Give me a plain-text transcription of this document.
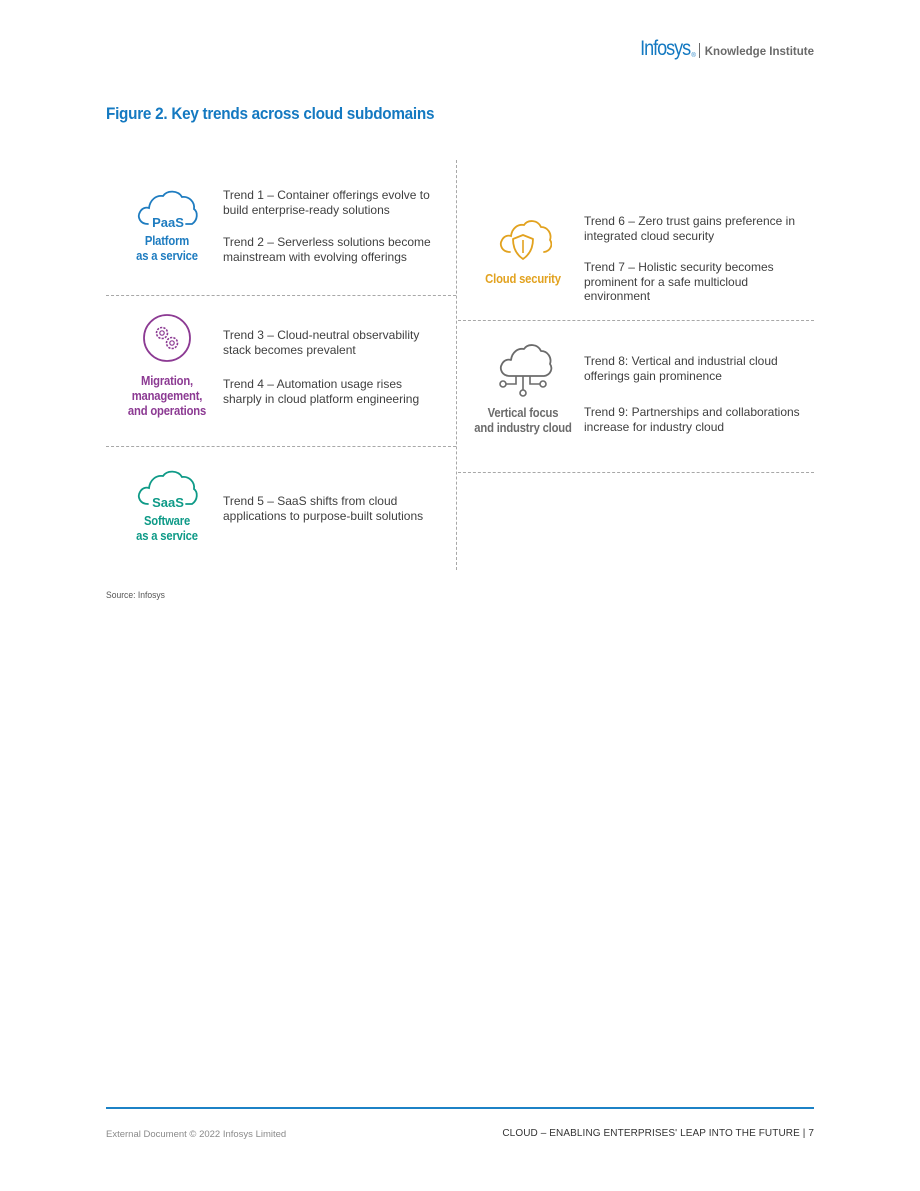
Infosys ® Knowledge Institute
Figure 2. Key trends across cloud subdomains
PaaS
Platform
as a service
Trend 1 – Container offerings evolve to build enterprise-ready solutions
Trend 2 – Serverless solutions become mainstream with evolving offerings
Migration,
management,
and operations
Trend 3 – Cloud-neutral observability stack becomes prevalent
Trend 4 – Automation usage rises sharply in cloud platform engineering
SaaS
Software
as a service
Trend 5 – SaaS shifts from cloud applications to purpose-built solutions
Cloud security
Trend 6 – Zero trust gains preference in integrated cloud security
Trend 7 – Holistic security becomes prominent for a safe multicloud environment
Vertical focus
and industry cloud
Trend 8: Vertical and industrial cloud offerings gain prominence
Trend 9: Partnerships and collaborations increase for industry cloud
Source: Infosys
External Document © 2022 Infosys Limited	CLOUD – ENABLING ENTERPRISES' LEAP INTO THE FUTURE | 7
